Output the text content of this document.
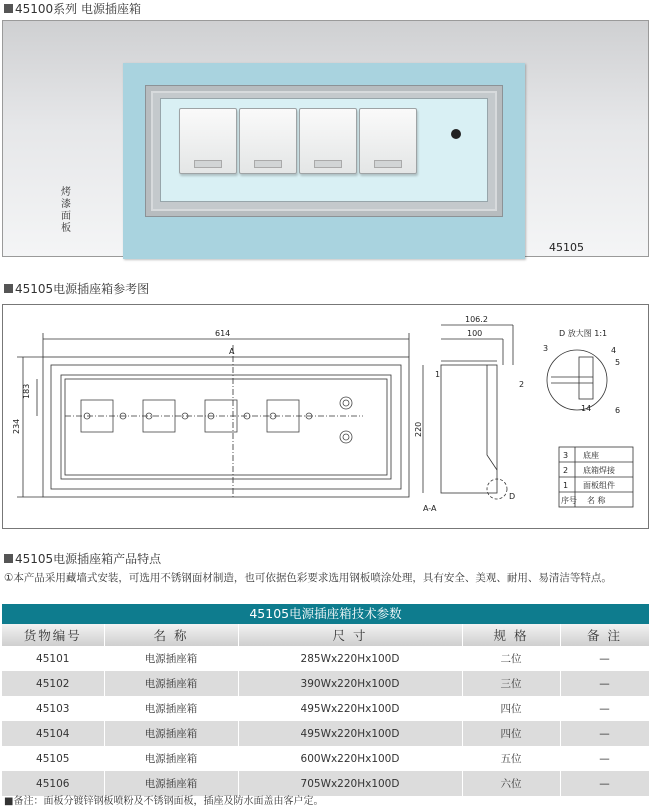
45100系列 电源插座箱
烤漆面板
45105
45105电源插座箱参考图
614
A
234
183
106.2
100
220
1
2
A-A
D
D 放大图 1:1
3	4
5
6
14
3 底座
2 底箱焊接
1 面板组件
序号 名 称
45105电源插座箱产品特点
①本产品采用藏墙式安装，可选用不锈钢面材制造，也可依据色彩要求选用钢板喷涂处理，具有安全、美观、耐用、易清洁等特点。
45105电源插座箱技术参数
货物编号	名 称	尺 寸	规 格	备 注
45101	电源插座箱	285Wx220Hx100D	二位	—
45102	电源插座箱	390Wx220Hx100D	三位	—
45103	电源插座箱	495Wx220Hx100D	四位	—
45104	电源插座箱	495Wx220Hx100D	四位	—
45105	电源插座箱	600Wx220Hx100D	五位	—
45106	电源插座箱	705Wx220Hx100D	六位	—
■备注：面板分镀锌钢板喷粉及不锈钢面板，插座及防水面盖由客户定。
